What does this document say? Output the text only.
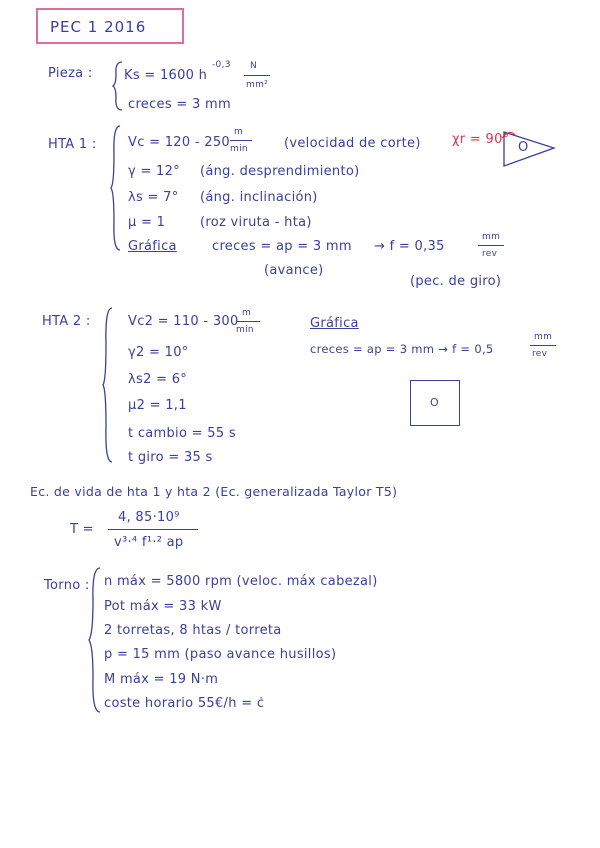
PEC 1 2016
Pieza : Ks = 1600 h
-0,3 N
mm²
creces = 3 mm
HTA 1 : Vc = 120 - 250
m
min	(velocidad de corte) χr = 90°
O
γ = 12° (áng. desprendimiento)
λs = 7° (áng. inclinación)
μ = 1	(roz viruta - hta)
Gráfica	creces = ap = 3 mm → f = 0,35
mm
rev
(avance)
(pec. de giro)
HTA 2 :	Vc2 = 110 - 300
m
min	Gráfica
creces = ap = 3 mm → f = 0,5
mm
rev
γ2 = 10°
λs2 = 6°
μ2 = 1,1
t cambio = 55 s
t giro = 35 s
O
Ec. de vida de hta 1 y hta 2 (Ec. generalizada Taylor T5)
T =
4, 85·10⁹
v³·⁴ f¹·² ap
Torno : n máx = 5800 rpm (veloc. máx cabezal)
Pot máx = 33 kW
2 torretas, 8 htas / torreta
p = 15 mm (paso avance husillos)
M máx = 19 N·m
coste horario 55€/h = ċ
